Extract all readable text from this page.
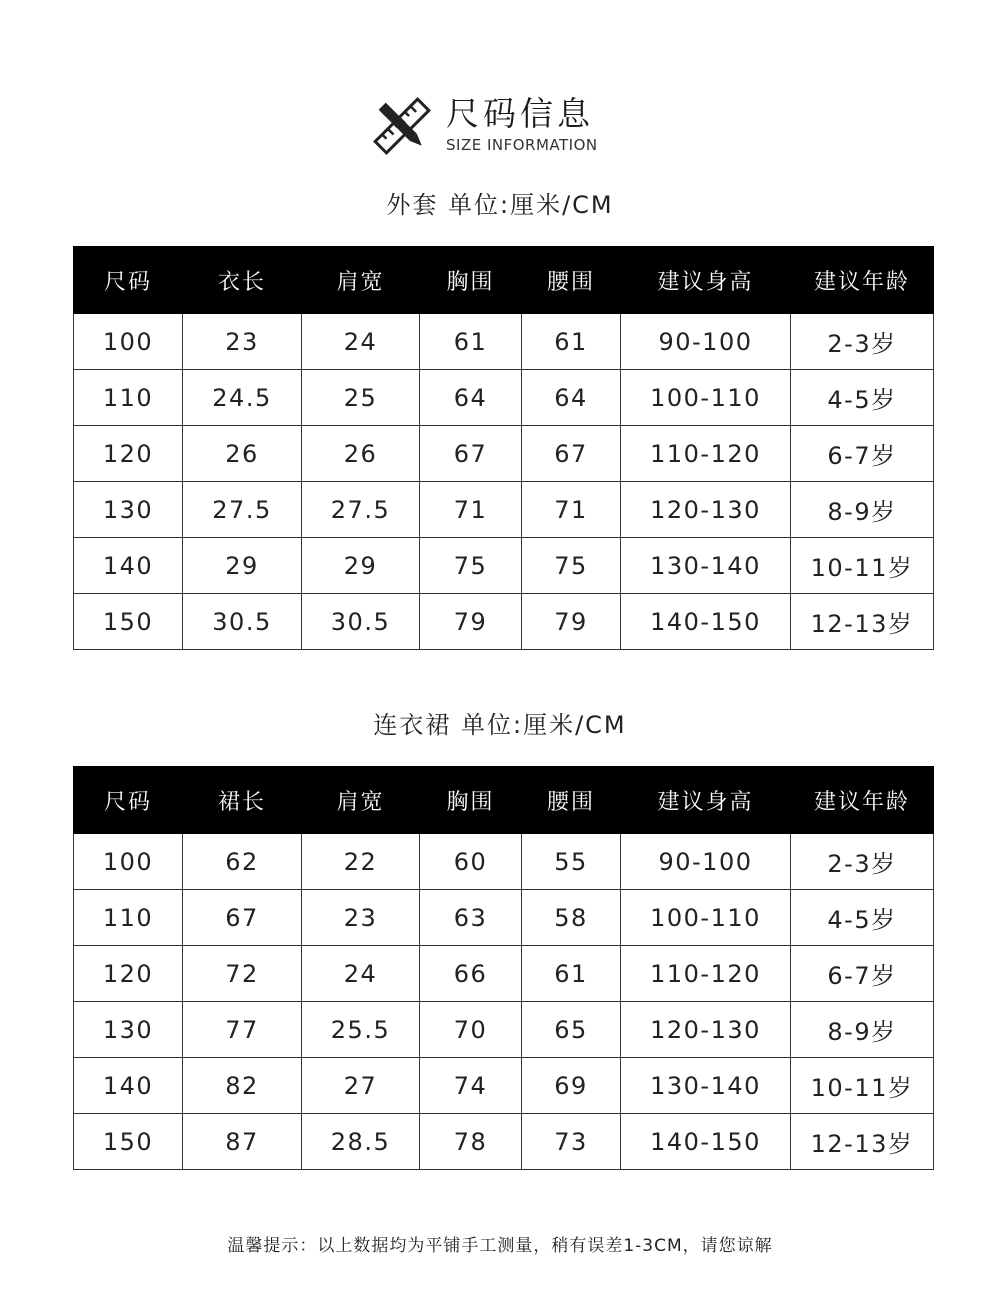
尺码信息
SIZE INFORMATION
外套 单位:厘米/CM
尺码	衣长	肩宽	胸围	腰围	建议身高	建议年龄
100	23	24	61	61	90-100	2-3岁
110	24.5	25	64	64	100-110	4-5岁
120	26	26	67	67	110-120	6-7岁
130	27.5	27.5	71	71	120-130	8-9岁
140	29	29	75	75	130-140	10-11岁
150	30.5	30.5	79	79	140-150	12-13岁
连衣裙 单位:厘米/CM
尺码	裙长	肩宽	胸围	腰围	建议身高	建议年龄
100	62	22	60	55	90-100	2-3岁
110	67	23	63	58	100-110	4-5岁
120	72	24	66	61	110-120	6-7岁
130	77	25.5	70	65	120-130	8-9岁
140	82	27	74	69	130-140	10-11岁
150	87	28.5	78	73	140-150	12-13岁
温馨提示：以上数据均为平铺手工测量，稍有误差1-3CM，请您谅解
